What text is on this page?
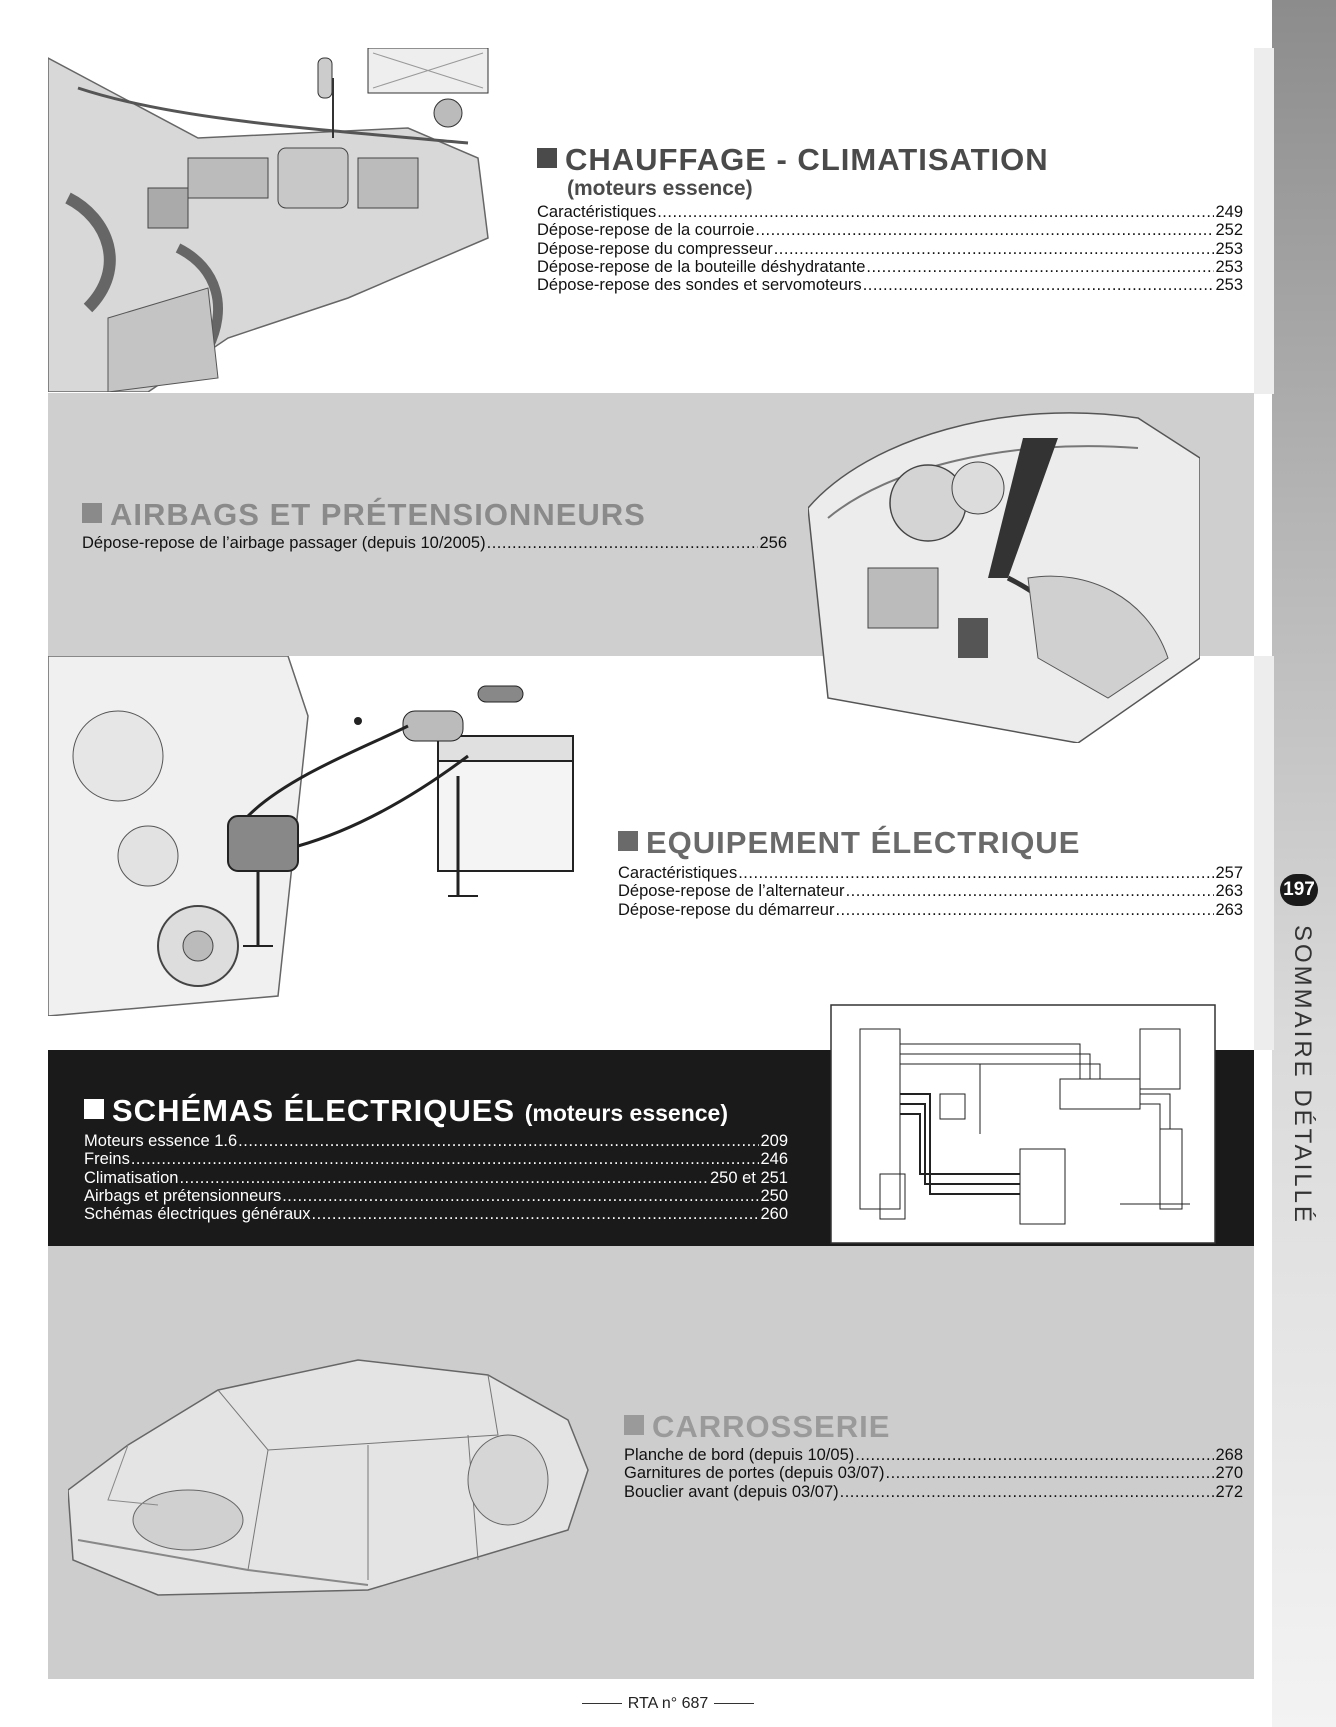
197
SOMMAIRE DÉTAILLÉ
CHAUFFAGE - CLIMATISATION
(moteurs essence)
Caractéristiques .....	249
Dépose-repose de la courroie .....	252
Dépose-repose du compresseur .....	253
Dépose-repose de la bouteille déshydratante .....	253
Dépose-repose des sondes et servomoteurs .....	253
AIRBAGS ET PRÉTENSIONNEURS
Dépose-repose de l’airbage passager (depuis 10/2005) .....	256
EQUIPEMENT ÉLECTRIQUE
Caractéristiques .....	257
Dépose-repose de l’alternateur .....	263
Dépose-repose du démarreur .....	263
SCHÉMAS ÉLECTRIQUES (moteurs essence)
Moteurs essence 1.6 .....	209
Freins .....	246
Climatisation .....	250 et 251
Airbags et prétensionneurs .....	250
Schémas électriques généraux .....	260
CARROSSERIE
Planche de bord (depuis 10/05) .....	268
Garnitures de portes (depuis 03/07) .....	270
Bouclier avant (depuis 03/07) .....	272
RTA n° 687
